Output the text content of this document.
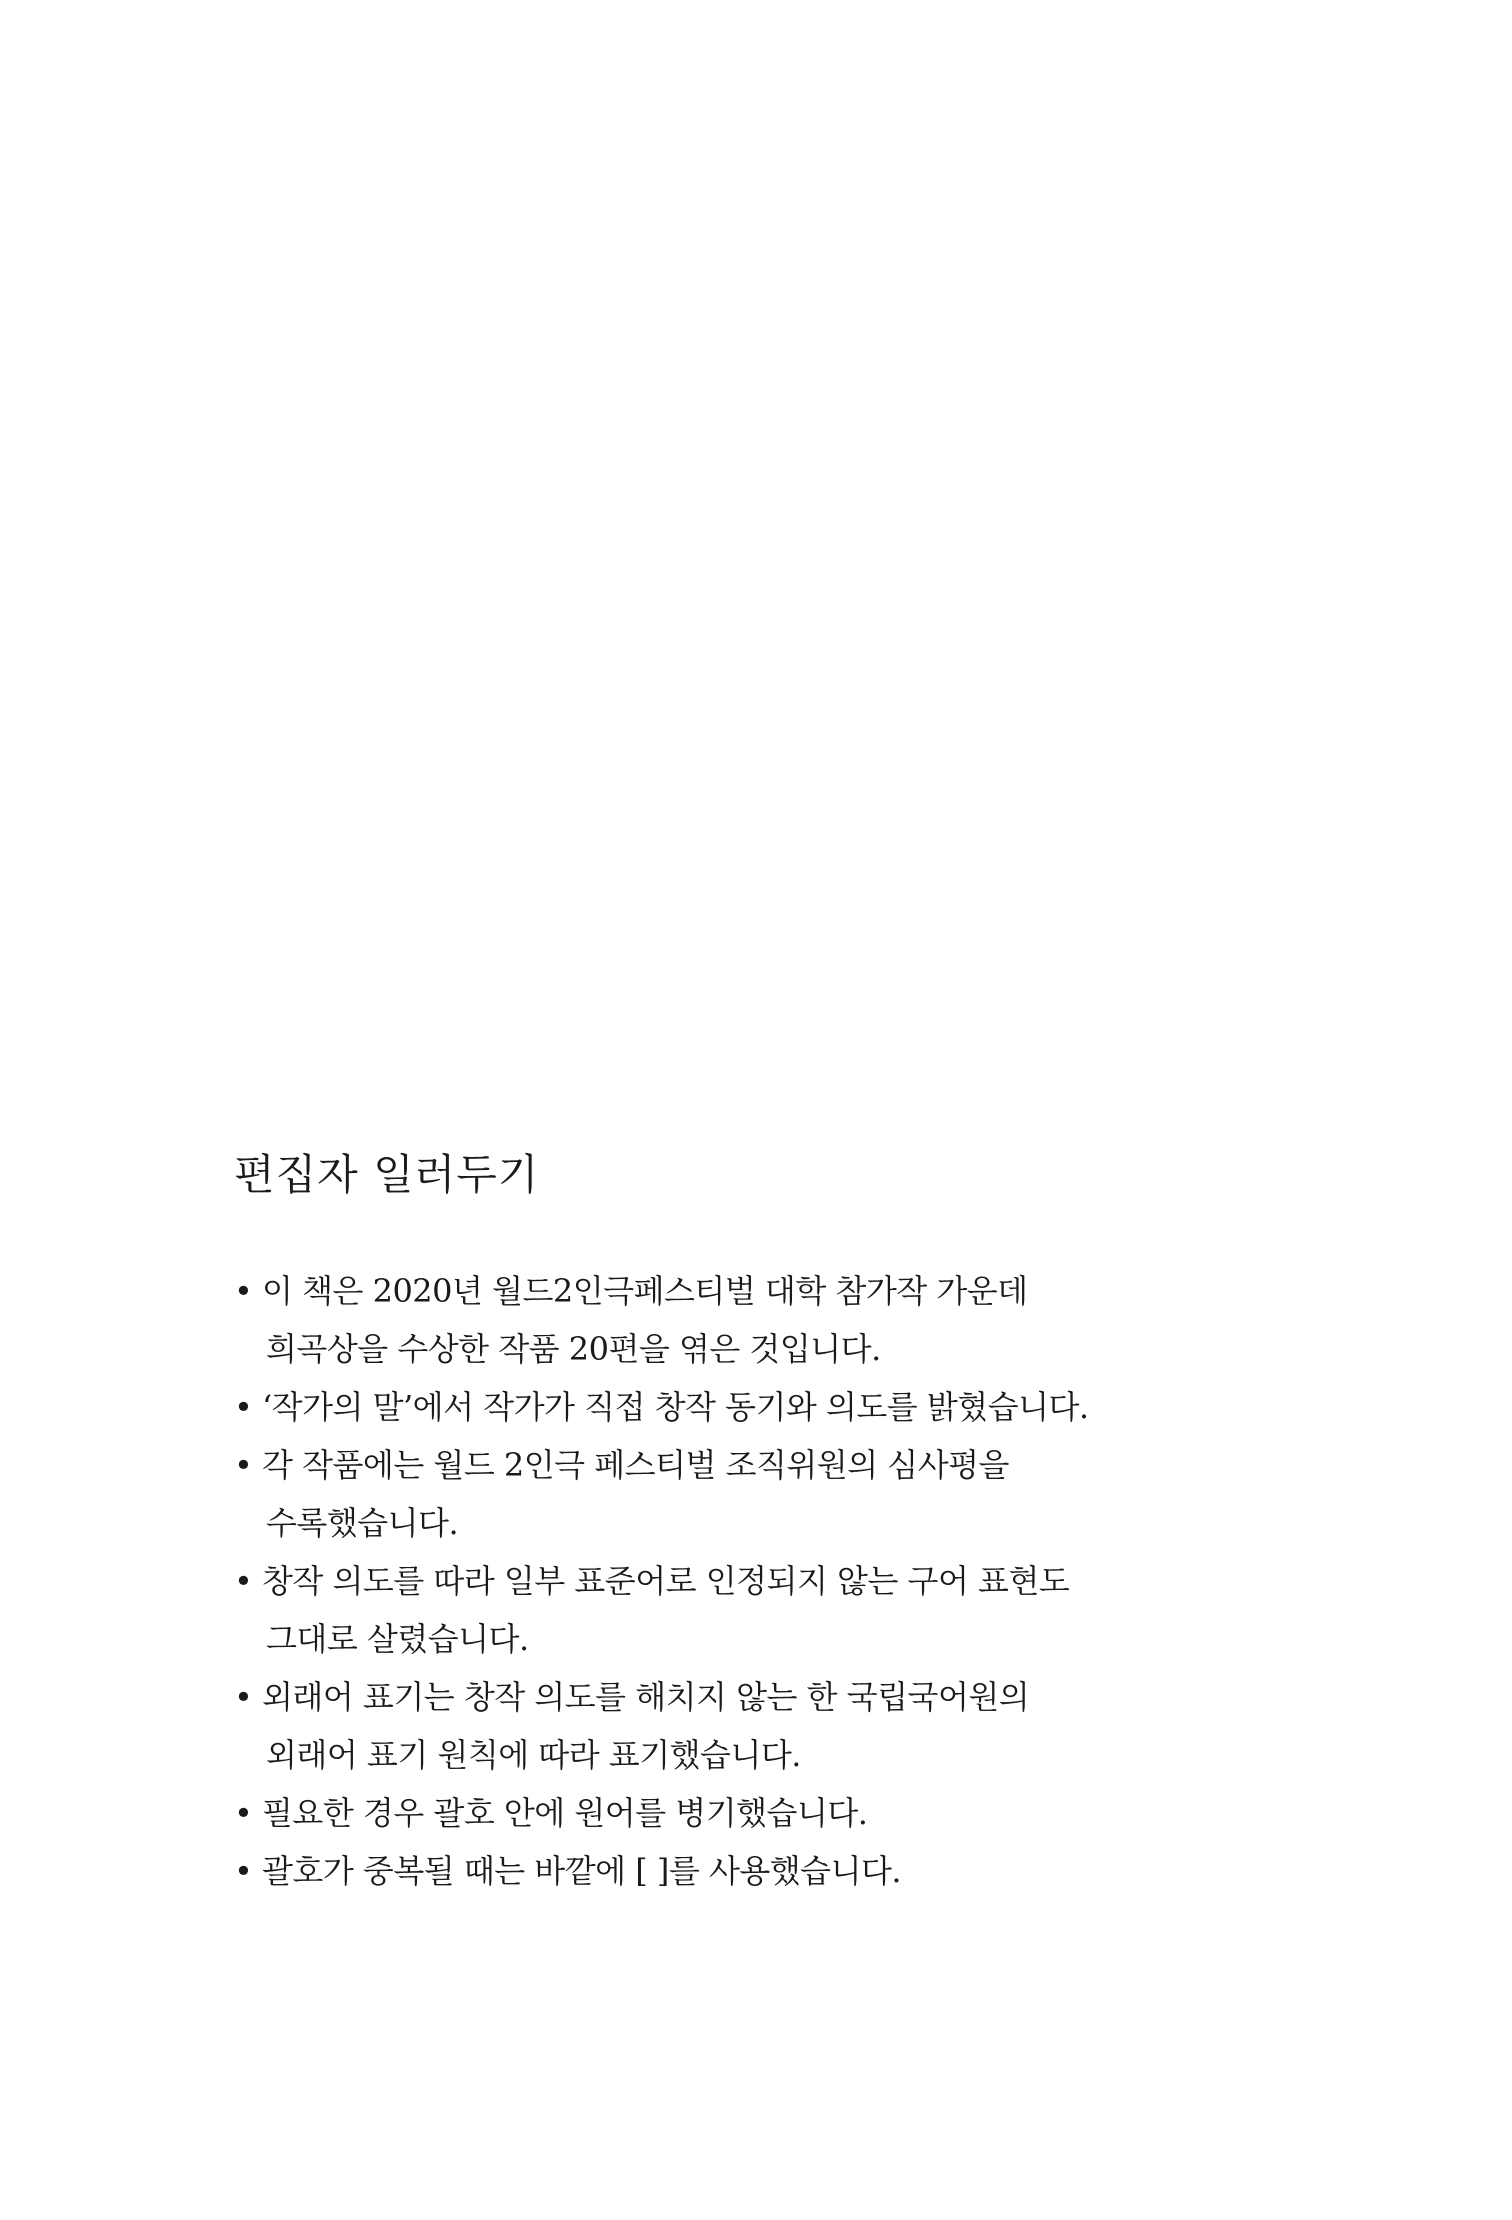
편집자 일러두기
• 이 책은 2020년 월드2인극페스티벌 대학 참가작 가운데
희곡상을 수상한 작품 20편을 엮은 것입니다.
• ‘작가의 말’에서 작가가 직접 창작 동기와 의도를 밝혔습니다.
• 각 작품에는 월드 2인극 페스티벌 조직위원의 심사평을
수록했습니다.
• 창작 의도를 따라 일부 표준어로 인정되지 않는 구어 표현도
그대로 살렸습니다.
• 외래어 표기는 창작 의도를 해치지 않는 한 국립국어원의
외래어 표기 원칙에 따라 표기했습니다.
• 필요한 경우 괄호 안에 원어를 병기했습니다.
• 괄호가 중복될 때는 바깥에 [ ]를 사용했습니다.
